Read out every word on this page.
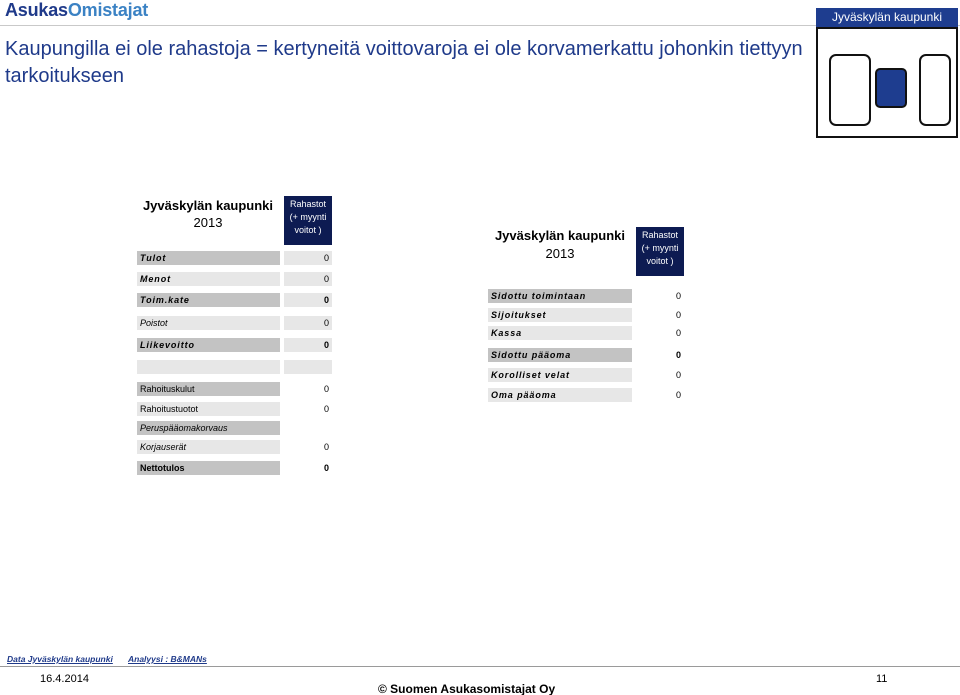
AsukasOmistajat
Kaupungilla ei ole rahastoja = kertyneitä voittovaroja ei ole korvamerkattu johonkin tiettyyn tarkoitukseen
Jyväskylän kaupunki
Jyväskylän kaupunki
2013
Rahastot
(+ myynti
voitot )
Tulot	0
Menot	0
Toim.kate	0
Poistot	0
Liikevoitto	0
Rahoituskulut	0
Rahoitustuotot	0
Peruspääomakorvaus
Korjauserät	0
Nettotulos	0
Jyväskylän kaupunki
2013
Rahastot
(+ myynti
voitot )
Sidottu toimintaan	0
Sijoitukset	0
Kassa	0
Sidottu pääoma	0
Korolliset velat	0
Oma pääoma	0
Data Jyväskylän kaupunki Analyysi : B&MANs
16.4.2014
© Suomen Asukasomistajat Oy
11
